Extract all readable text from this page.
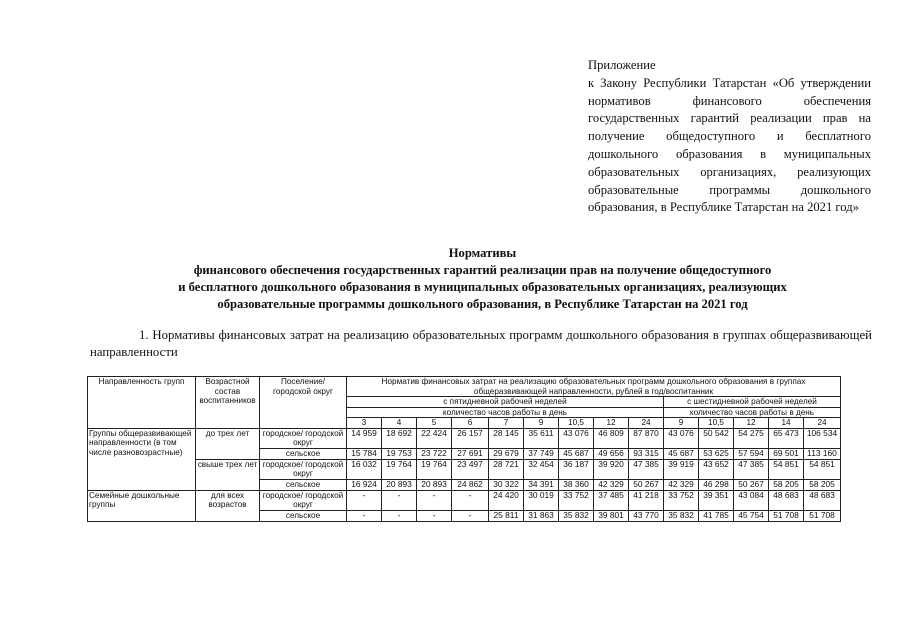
Приложение
к Закону Республики Татарстан «Об утверждении нормативов финансового обеспечения государственных гарантий реализации прав на получение общедоступного и бесплатного дошкольного образования в муниципальных образовательных организациях, реализующих образовательные программы дошкольного образования, в Республике Татарстан на 2021 год»
Нормативы
финансового обеспечения государственных гарантий реализации прав на получение общедоступного
и бесплатного дошкольного образования в муниципальных образовательных организациях, реализующих
образовательные программы дошкольного образования, в Республике Татарстан на 2021 год
1. Нормативы финансовых затрат на реализацию образовательных программ дошкольного образования в группах общеразвивающей направленности
Направленность групп	Возрастной состав воспитанников	Поселение/ городской округ	Норматив финансовых затрат на реализацию образовательных программ дошкольного образования в группах общеразвивающей направленности, рублей в год/воспитанник													
			с пятидневной рабочей неделей									с шестидневной рабочей неделей				
			количество часов работы в день									количество часов работы в день				
			3	4	5	6	7	9	10,5	12	24	9	10,5	12	14	24
Группы общеразвивающей направленности (в том числе разновозрастные)	до трех лет	городское/ городской округ	14 959	18 692	22 424	26 157	28 145	35 611	43 076	46 809	87 870	43 076	50 542	54 275	65 473	106 534
		сельское	15 784	19 753	23 722	27 691	29 679	37 749	45 687	49 656	93 315	45 687	53 625	57 594	69 501	113 160
	свыше трех лет	городское/ городской округ	16 032	19 764	19 764	23 497	28 721	32 454	36 187	39 920	47 385	39 919	43 652	47 385	54 851	54 851
		сельское	16 924	20 893	20 893	24 862	30 322	34 391	38 360	42 329	50 267	42 329	46 298	50 267	58 205	58 205
Семейные дошкольные группы	для всех возрастов	городское/ городской округ	-	-	-	-	24 420	30 019	33 752	37 485	41 218	33 752	39 351	43 084	48 683	48 683
		сельское	-	-	-	-	25 811	31 863	35 832	39 801	43 770	35 832	41 785	45 754	51 708	51 708
